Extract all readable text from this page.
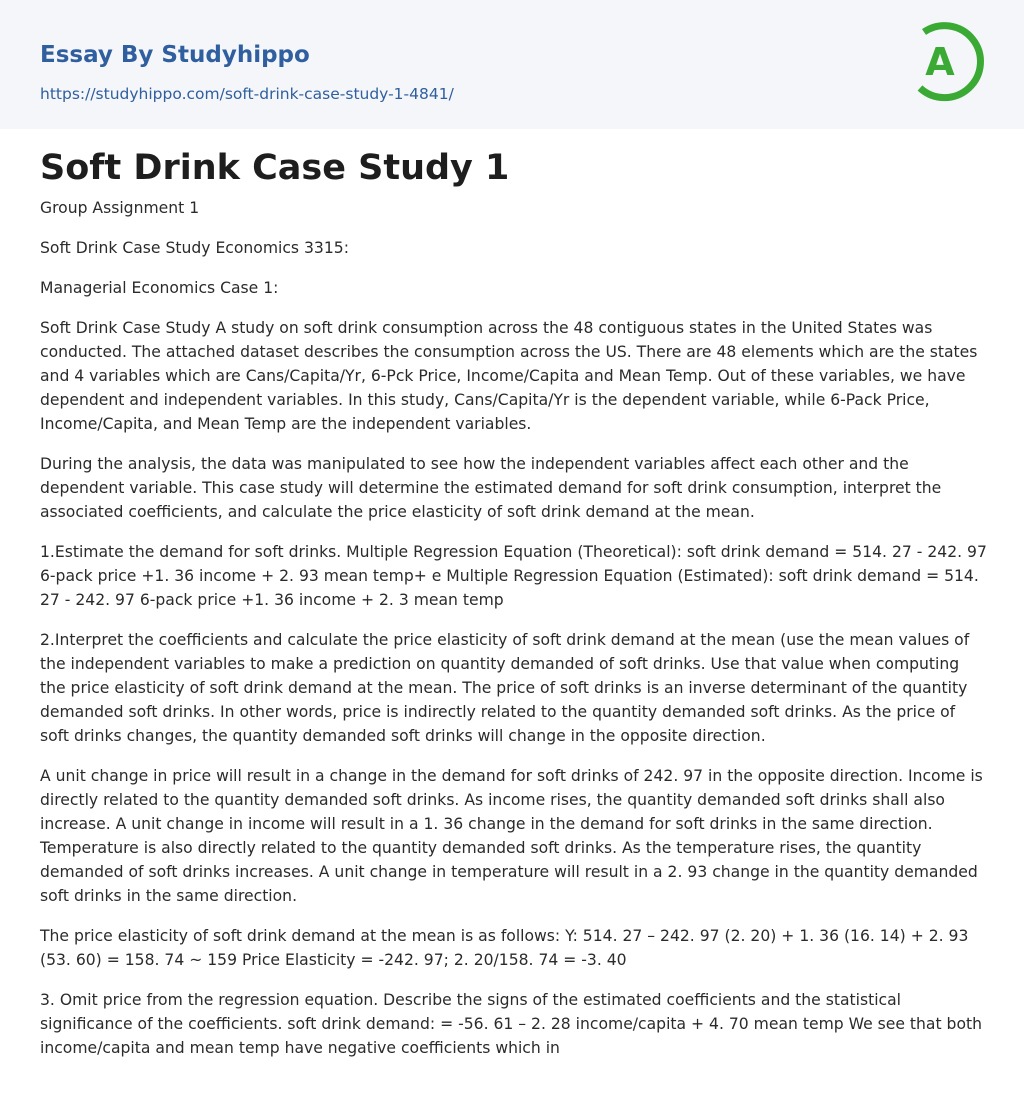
Essay By Studyhippo
https://studyhippo.com/soft-drink-case-study-1-4841/
A
Soft Drink Case Study 1

Group Assignment 1

Soft Drink Case Study Economics 3315:

Managerial Economics Case 1:

Soft Drink Case Study A study on soft drink consumption across the 48 contiguous states in the United States was conducted. The attached dataset describes the consumption across the US. There are 48 elements which are the states and 4 variables which are Cans/Capita/Yr, 6-Pck Price, Income/Capita and Mean Temp. Out of these variables, we have dependent and independent variables. In this study, Cans/Capita/Yr is the dependent variable, while 6-Pack Price, Income/Capita, and Mean Temp are the independent variables.

During the analysis, the data was manipulated to see how the independent variables affect each other and the dependent variable. This case study will determine the estimated demand for soft drink consumption, interpret the associated coefficients, and calculate the price elasticity of soft drink demand at the mean.

1.Estimate the demand for soft drinks. Multiple Regression Equation (Theoretical): soft drink demand = 514. 27 - 242. 97 6-pack price +1. 36 income + 2. 93 mean temp+ e Multiple Regression Equation (Estimated): soft drink demand = 514. 27 - 242. 97 6-pack price +1. 36 income + 2. 3 mean temp

2.Interpret the coefficients and calculate the price elasticity of soft drink demand at the mean (use the mean values of the independent variables to make a prediction on quantity demanded of soft drinks. Use that value when computing the price elasticity of soft drink demand at the mean. The price of soft drinks is an inverse determinant of the quantity demanded soft drinks. In other words, price is indirectly related to the quantity demanded soft drinks. As the price of soft drinks changes, the quantity demanded soft drinks will change in the opposite direction.

A unit change in price will result in a change in the demand for soft drinks of 242. 97 in the opposite direction. Income is directly related to the quantity demanded soft drinks. As income rises, the quantity demanded soft drinks shall also increase. A unit change in income will result in a 1. 36 change in the demand for soft drinks in the same direction. Temperature is also directly related to the quantity demanded soft drinks. As the temperature rises, the quantity demanded of soft drinks increases. A unit change in temperature will result in a 2. 93 change in the quantity demanded soft drinks in the same direction.

The price elasticity of soft drink demand at the mean is as follows: Y: 514. 27 – 242. 97 (2. 20) + 1. 36 (16. 14) + 2. 93 (53. 60) = 158. 74 ~ 159 Price Elasticity = -242. 97; 2. 20/158. 74 = -3. 40

3. Omit price from the regression equation. Describe the signs of the estimated coefficients and the statistical significance of the coefficients. soft drink demand: = -56. 61 – 2. 28 income/capita + 4. 70 mean temp We see that both income/capita and mean temp have negative coefficients which in
